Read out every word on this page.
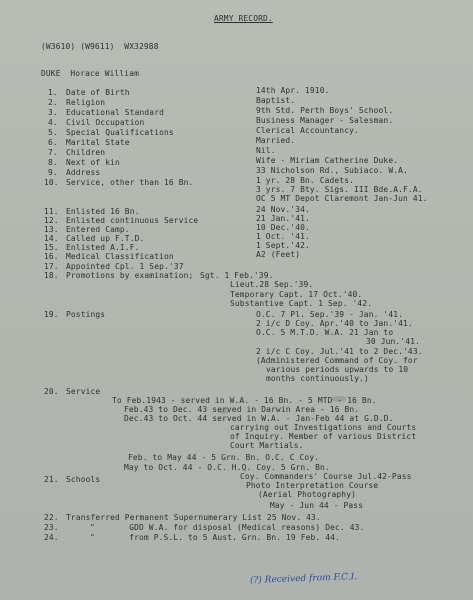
ARMY RECORD.
(W3610) (W9611)  WX32988
DUKE  Horace William
1. Date of Birth	14th Apr. 1910.
2. Religion	Baptist.
3. Educational Standard	9th Std. Perth Boys' School.
4. Civil Occupation	Business Manager - Salesman.
5. Special Qualifications	Clerical Accountancy.
6. Marital State	Married.
7. Children	Nil.
8. Next of kin	Wife - Miriam Catherine Duke.
9. Address	33 Nicholson Rd., Subiaco. W.A.
10. Service, other than 16 Bn.	1 yr. 28 Bn. Cadets.
3 yrs. 7 Bty. Sigs. III Bde.A.F.A.
OC 5 MT Depot Claremont Jan-Jun 41.
11. Enlisted 16 Bn.	24 Nov.'34.
12. Enlisted continuous Service	21 Jan.'41.
13. Entered Camp.	10 Dec.'40.
14. Called up F.T.D.	1 Oct. '41.
15. Enlisted A.I.F.	1 Sept.'42.
16. Medical Classification	A2 (Feet)
17. Appointed Cpl. 1 Sep.'37
18. Promotions by examination; Sgt. 1 Feb.'39.
Lieut.28 Sep.'39.
Temporary Capt. 17 Oct.'40.
Substantive Capt. 1 Sep. '42.
19. Postings	O.C. 7 Pl. Sep.'39 - Jan. '41.
2 i/c D Coy. Apr.'40 to Jan.'41.
O.C. 5 M.T.D. W.A. 21 Jan to
30 Jun.'41.
2 i/c C Coy. Jul.'41 to 2 Dec.'43.
(Administered Command of Coy. for
various periods upwards to 10
months continuously.)
20. Service
To Feb.1943 - served in W.A. - 16 Bn. - 5 MTD - 16 Bn.
Feb.43 to Dec. 43 served in Darwin Area - 16 Bn.
Dec.43 to Oct. 44 served in W.A. - Jan-Feb 44 at G.D.D.
carrying out Investigations and Courts
of Inquiry. Member of various District
Court Martials.
Feb. to May 44 - 5 Grn. Bn. O.C. C Coy.
May to Oct. 44 - O.C. H.Q. Coy. 5 Grn. Bn.
21. Schools	Coy. Commanders' Course Jul.42-Pass
Photo Interpretation Course
(Aerial Photography)
May - Jun 44 - Pass
22. Transferred Permanent Supernumerary List 25 Nov. 43.
23.	"       GDD W.A. for disposal (Medical reasons) Dec. 43.
24.	"       from P.S.L. to 5 Aust. Grn. Bn. 19 Feb. 44.
(?) Received from F.C.I.
